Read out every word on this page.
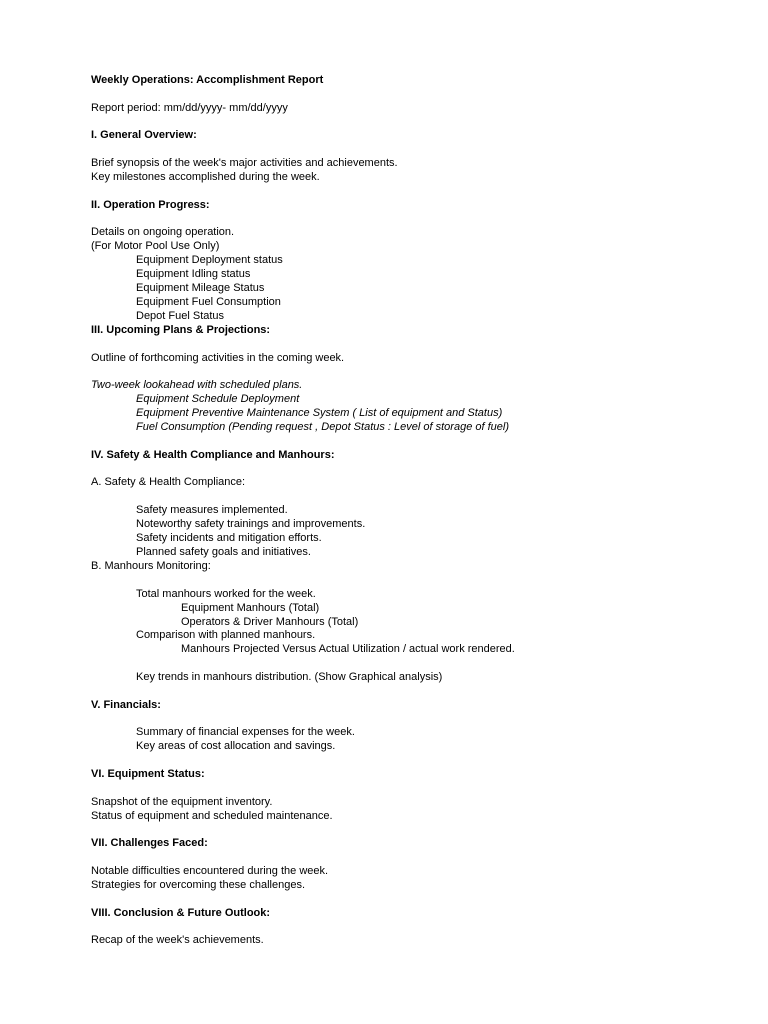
Weekly Operations: Accomplishment Report
Report period: mm/dd/yyyy- mm/dd/yyyy
I. General Overview:
Brief synopsis of the week's major activities and achievements.
Key milestones accomplished during the week.
II. Operation Progress:
Details on ongoing operation.
(For Motor Pool Use Only)
Equipment Deployment status
Equipment Idling status
Equipment Mileage Status
Equipment Fuel Consumption
Depot Fuel Status
III. Upcoming Plans & Projections:
Outline of forthcoming activities in the coming week.
Two-week lookahead with scheduled plans.
Equipment Schedule Deployment
Equipment Preventive Maintenance System ( List of equipment and Status)
Fuel Consumption (Pending request , Depot Status : Level of storage of fuel)
IV. Safety & Health Compliance and Manhours:
A. Safety & Health Compliance:
Safety measures implemented.
Noteworthy safety trainings and improvements.
Safety incidents and mitigation efforts.
Planned safety goals and initiatives.
B. Manhours Monitoring:
Total manhours worked for the week.
Equipment Manhours (Total)
Operators & Driver Manhours (Total)
Comparison with planned manhours.
Manhours Projected Versus Actual Utilization / actual work rendered.
Key trends in manhours distribution. (Show Graphical analysis)
V. Financials:
Summary of financial expenses for the week.
Key areas of cost allocation and savings.
VI. Equipment Status:
Snapshot of the equipment inventory.
Status of equipment and scheduled maintenance.
VII. Challenges Faced:
Notable difficulties encountered during the week.
Strategies for overcoming these challenges.
VIII. Conclusion & Future Outlook:
Recap of the week's achievements.
